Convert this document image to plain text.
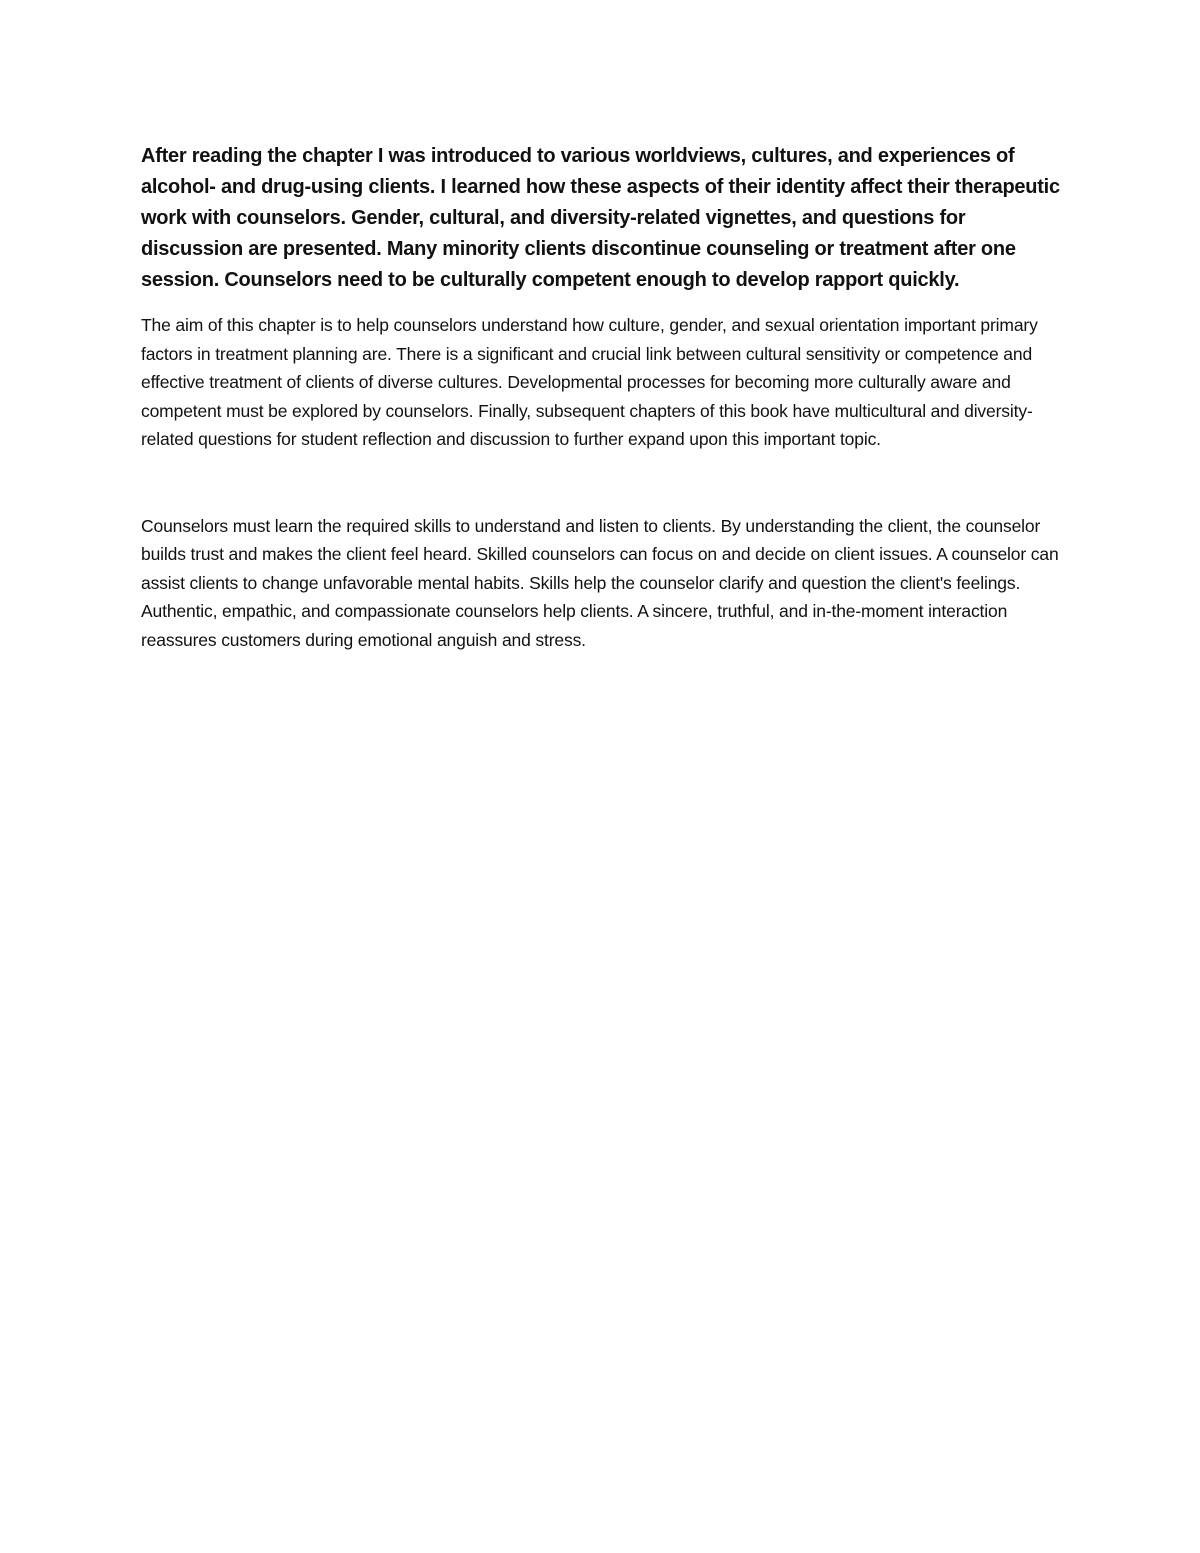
After reading the chapter I was introduced to various worldviews, cultures, and experiences of alcohol- and drug-using clients. I learned how these aspects of their identity affect their therapeutic work with counselors. Gender, cultural, and diversity-related vignettes, and questions for discussion are presented. Many minority clients discontinue counseling or treatment after one session. Counselors need to be culturally competent enough to develop rapport quickly.

The aim of this chapter is to help counselors understand how culture, gender, and sexual orientation important primary factors in treatment planning are. There is a significant and crucial link between cultural sensitivity or competence and effective treatment of clients of diverse cultures. Developmental processes for becoming more culturally aware and competent must be explored by counselors. Finally, subsequent chapters of this book have multicultural and diversity-related questions for student reflection and discussion to further expand upon this important topic.

Counselors must learn the required skills to understand and listen to clients. By understanding the client, the counselor builds trust and makes the client feel heard. Skilled counselors can focus on and decide on client issues. A counselor can assist clients to change unfavorable mental habits. Skills help the counselor clarify and question the client's feelings. Authentic, empathic, and compassionate counselors help clients. A sincere, truthful, and in-the-moment interaction reassures customers during emotional anguish and stress.
